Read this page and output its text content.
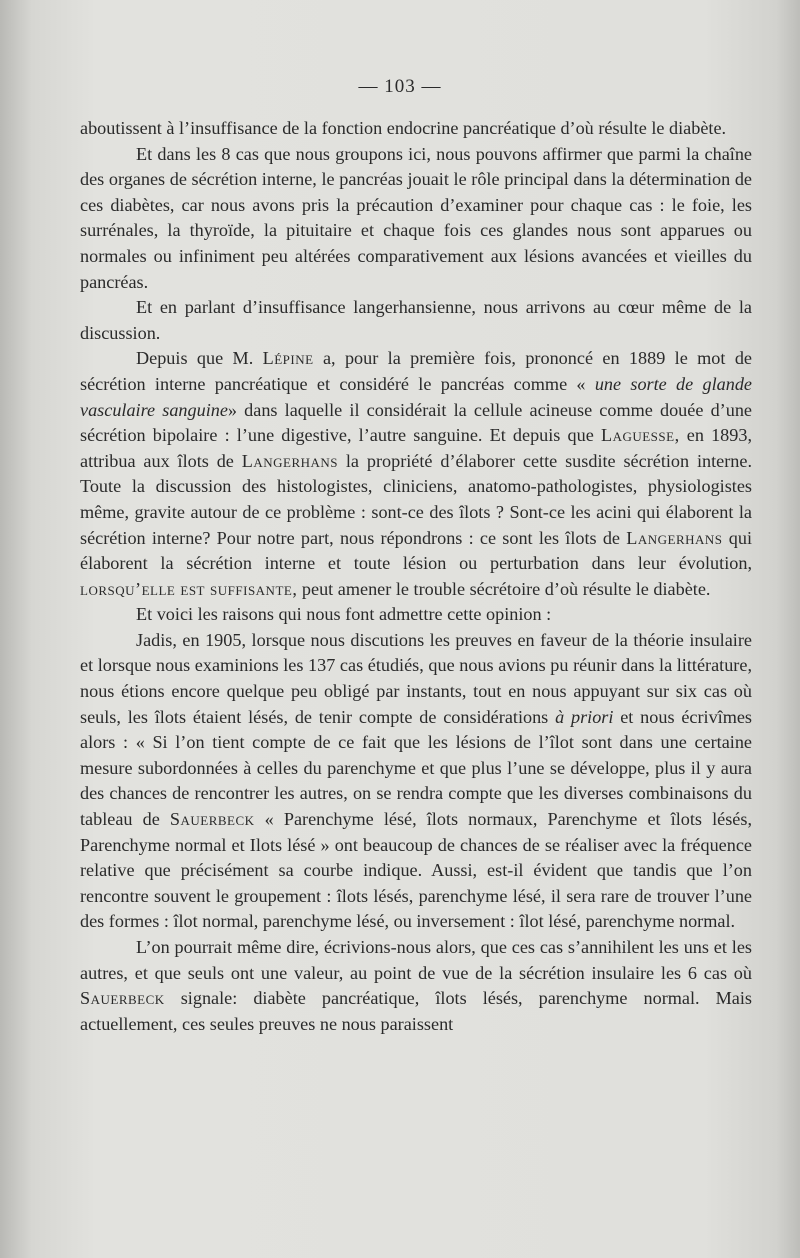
— 103 —

aboutissent à l’insuffisance de la fonction endocrine pancréatique d’où résulte le diabète.

Et dans les 8 cas que nous groupons ici, nous pouvons affirmer que parmi la chaîne des organes de sécrétion interne, le pancréas jouait le rôle principal dans la détermination de ces diabètes, car nous avons pris la précaution d’examiner pour chaque cas : le foie, les surrénales, la thyroïde, la pituitaire et chaque fois ces glandes nous sont apparues ou normales ou infiniment peu altérées comparativement aux lésions avancées et vieilles du pancréas.

Et en parlant d’insuffisance langerhansienne, nous arrivons au cœur même de la discussion.

Depuis que M. Lépine a, pour la première fois, prononcé en 1889 le mot de sécrétion interne pancréatique et considéré le pancréas comme « une sorte de glande vasculaire sanguine» dans laquelle il considérait la cellule acineuse comme douée d’une sécrétion bipolaire : l’une digestive, l’autre sanguine. Et depuis que Laguesse, en 1893, attribua aux îlots de Langerhans la propriété d’élaborer cette susdite sécrétion interne. Toute la discussion des histologistes, cliniciens, anatomo-pathologistes, physiologistes même, gravite autour de ce problème : sont-ce des îlots ? Sont-ce les acini qui élaborent la sécrétion interne? Pour notre part, nous répondrons : ce sont les îlots de Langerhans qui élaborent la sécrétion interne et toute lésion ou perturbation dans leur évolution, lorsqu’elle est suffisante, peut amener le trouble sécrétoire d’où résulte le diabète.

Et voici les raisons qui nous font admettre cette opinion :

Jadis, en 1905, lorsque nous discutions les preuves en faveur de la théorie insulaire et lorsque nous examinions les 137 cas étudiés, que nous avions pu réunir dans la littérature, nous étions encore quelque peu obligé par instants, tout en nous appuyant sur six cas où seuls, les îlots étaient lésés, de tenir compte de considérations à priori et nous écrivîmes alors : « Si l’on tient compte de ce fait que les lésions de l’îlot sont dans une certaine mesure subordonnées à celles du parenchyme et que plus l’une se développe, plus il y aura des chances de rencontrer les autres, on se rendra compte que les diverses combinaisons du tableau de Sauerbeck « Parenchyme lésé, îlots normaux, Parenchyme et îlots lésés, Parenchyme normal et Ilots lésé » ont beaucoup de chances de se réaliser avec la fréquence relative que précisément sa courbe indique. Aussi, est-il évident que tandis que l’on rencontre souvent le groupement : îlots lésés, parenchyme lésé, il sera rare de trouver l’une des formes : îlot normal, parenchyme lésé, ou inversement : îlot lésé, parenchyme normal.

L’on pourrait même dire, écrivions-nous alors, que ces cas s’annihilent les uns et les autres, et que seuls ont une valeur, au point de vue de la sécrétion insulaire les 6 cas où Sauerbeck signale: diabète pancréatique, îlots lésés, parenchyme normal. Mais actuellement, ces seules preuves ne nous paraissent
